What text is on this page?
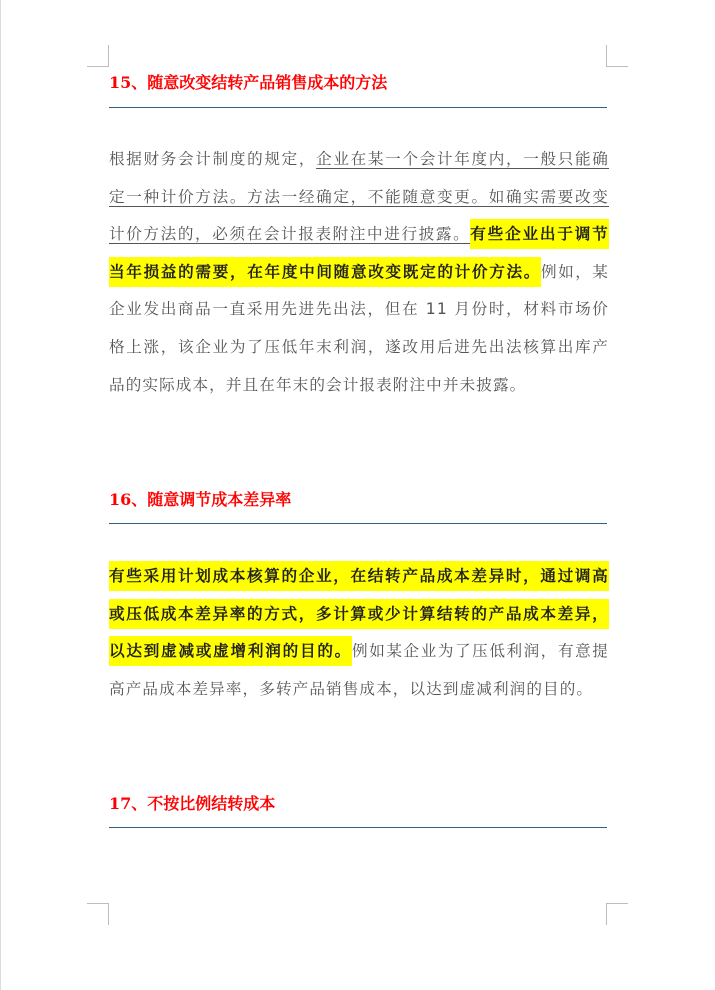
15、随意改变结转产品销售成本的方法
根据财务会计制度的规定，企业在某一个会计年度内，一般只能确定一种计价方法。方法一经确定，不能随意变更。如确实需要改变计价方法的，必须在会计报表附注中进行披露。有些企业出于调节当年损益的需要，在年度中间随意改变既定的计价方法。例如，某企业发出商品一直采用先进先出法，但在 11 月份时，材料市场价格上涨，该企业为了压低年末利润，遂改用后进先出法核算出库产品的实际成本，并且在年末的会计报表附注中并未披露。
16、随意调节成本差异率
有些采用计划成本核算的企业，在结转产品成本差异时，通过调高或压低成本差异率的方式，多计算或少计算结转的产品成本差异，以达到虚减或虚增利润的目的。例如某企业为了压低利润，有意提高产品成本差异率，多转产品销售成本，以达到虚减利润的目的。
17、不按比例结转成本
